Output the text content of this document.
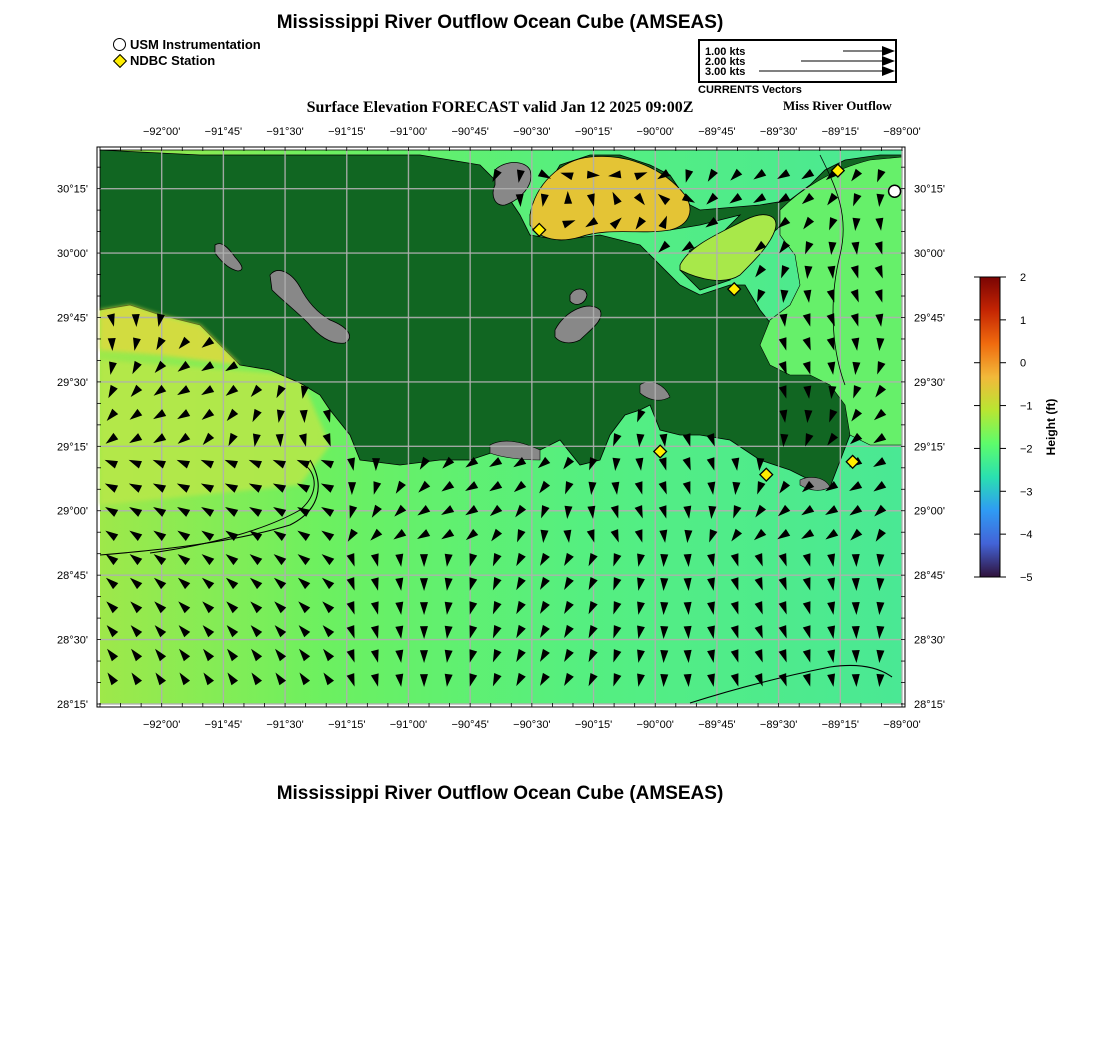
Mississippi River Outflow Ocean Cube (AMSEAS)
USM Instrumentation
NDBC Station
1.00 kts
2.00 kts
3.00 kts
CURRENTS Vectors
Surface Elevation FORECAST valid Jan 12 2025 09:00Z	Miss River Outflow
−92°00' −91°45' −91°30' −91°15' −91°00' −90°45' −90°30' −90°15' −90°00' −89°45' −89°30' −89°15' −89°00'
−92°00' −91°45' −91°30' −91°15' −91°00' −90°45' −90°30' −90°15' −90°00' −89°45' −89°30' −89°15' −89°00'
30°15'
30°00'
29°45'
29°30'
29°15'
29°00'
28°45'
28°30'
28°15'
30°15'
30°00'
29°45'
29°30'
29°15'
29°00'
28°45'
28°30'
28°15'
2
1
0
−1
−2
−3
−4
−5
Height (ft)
Mississippi River Outflow Ocean Cube (AMSEAS)
